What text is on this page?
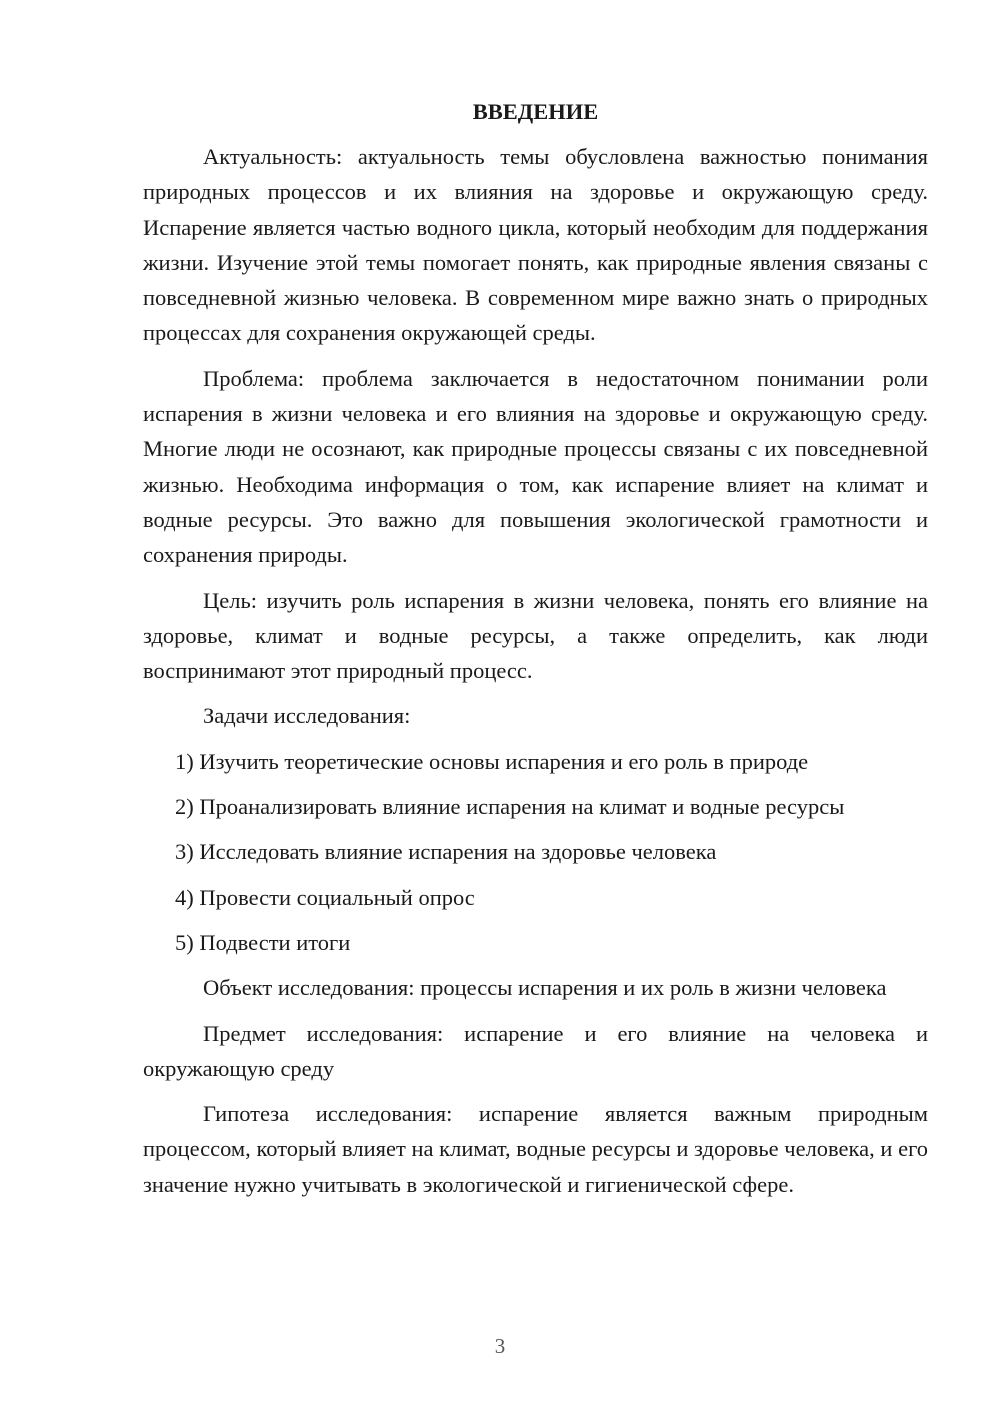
ВВЕДЕНИЕ

Актуальность: актуальность темы обусловлена важностью понимания природных процессов и их влияния на здоровье и окружающую среду. Испарение является частью водного цикла, который необходим для поддержания жизни. Изучение этой темы помогает понять, как природные явления связаны с повседневной жизнью человека. В современном мире важно знать о природных процессах для сохранения окружающей среды.

Проблема: проблема заключается в недостаточном понимании роли испарения в жизни человека и его влияния на здоровье и окружающую среду. Многие люди не осознают, как природные процессы связаны с их повседневной жизнью. Необходима информация о том, как испарение влияет на климат и водные ресурсы. Это важно для повышения экологической грамотности и сохранения природы.

Цель: изучить роль испарения в жизни человека, понять его влияние на здоровье, климат и водные ресурсы, а также определить, как люди воспринимают этот природный процесс.

Задачи исследования:

1) Изучить теоретические основы испарения и его роль в природе

2) Проанализировать влияние испарения на климат и водные ресурсы

3) Исследовать влияние испарения на здоровье человека

4) Провести социальный опрос

5) Подвести итоги

Объект исследования: процессы испарения и их роль в жизни человека

Предмет исследования: испарение и его влияние на человека и окружающую среду

Гипотеза исследования: испарение является важным природным процессом, который влияет на климат, водные ресурсы и здоровье человека, и его значение нужно учитывать в экологической и гигиенической сфере.

3
